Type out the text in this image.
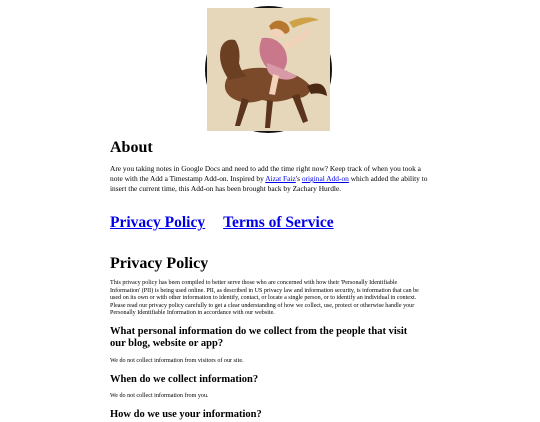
About

Are you taking notes in Google Docs and need to add the time right now? Keep track of when you took a note with the Add a Timestamp Add-on. Inspired by Aizat Faiz's original Add-on which added the ability to insert the current time, this Add-on has been brought back by Zachary Hurdle.

Privacy Policy Terms of Service
Privacy Policy

This privacy policy has been compiled to better serve those who are concerned with how their 'Personally Identifiable Information' (PII) is being used online. PII, as described in US privacy law and information security, is information that can be used on its own or with other information to identify, contact, or locate a single person, or to identify an individual in context. Please read our privacy policy carefully to get a clear understanding of how we collect, use, protect or otherwise handle your Personally Identifiable Information in accordance with our website.

What personal information do we collect from the people that visit our blog, website or app?

We do not collect information from visitors of our site.

When do we collect information?

We do not collect information from you.

How do we use your information?
